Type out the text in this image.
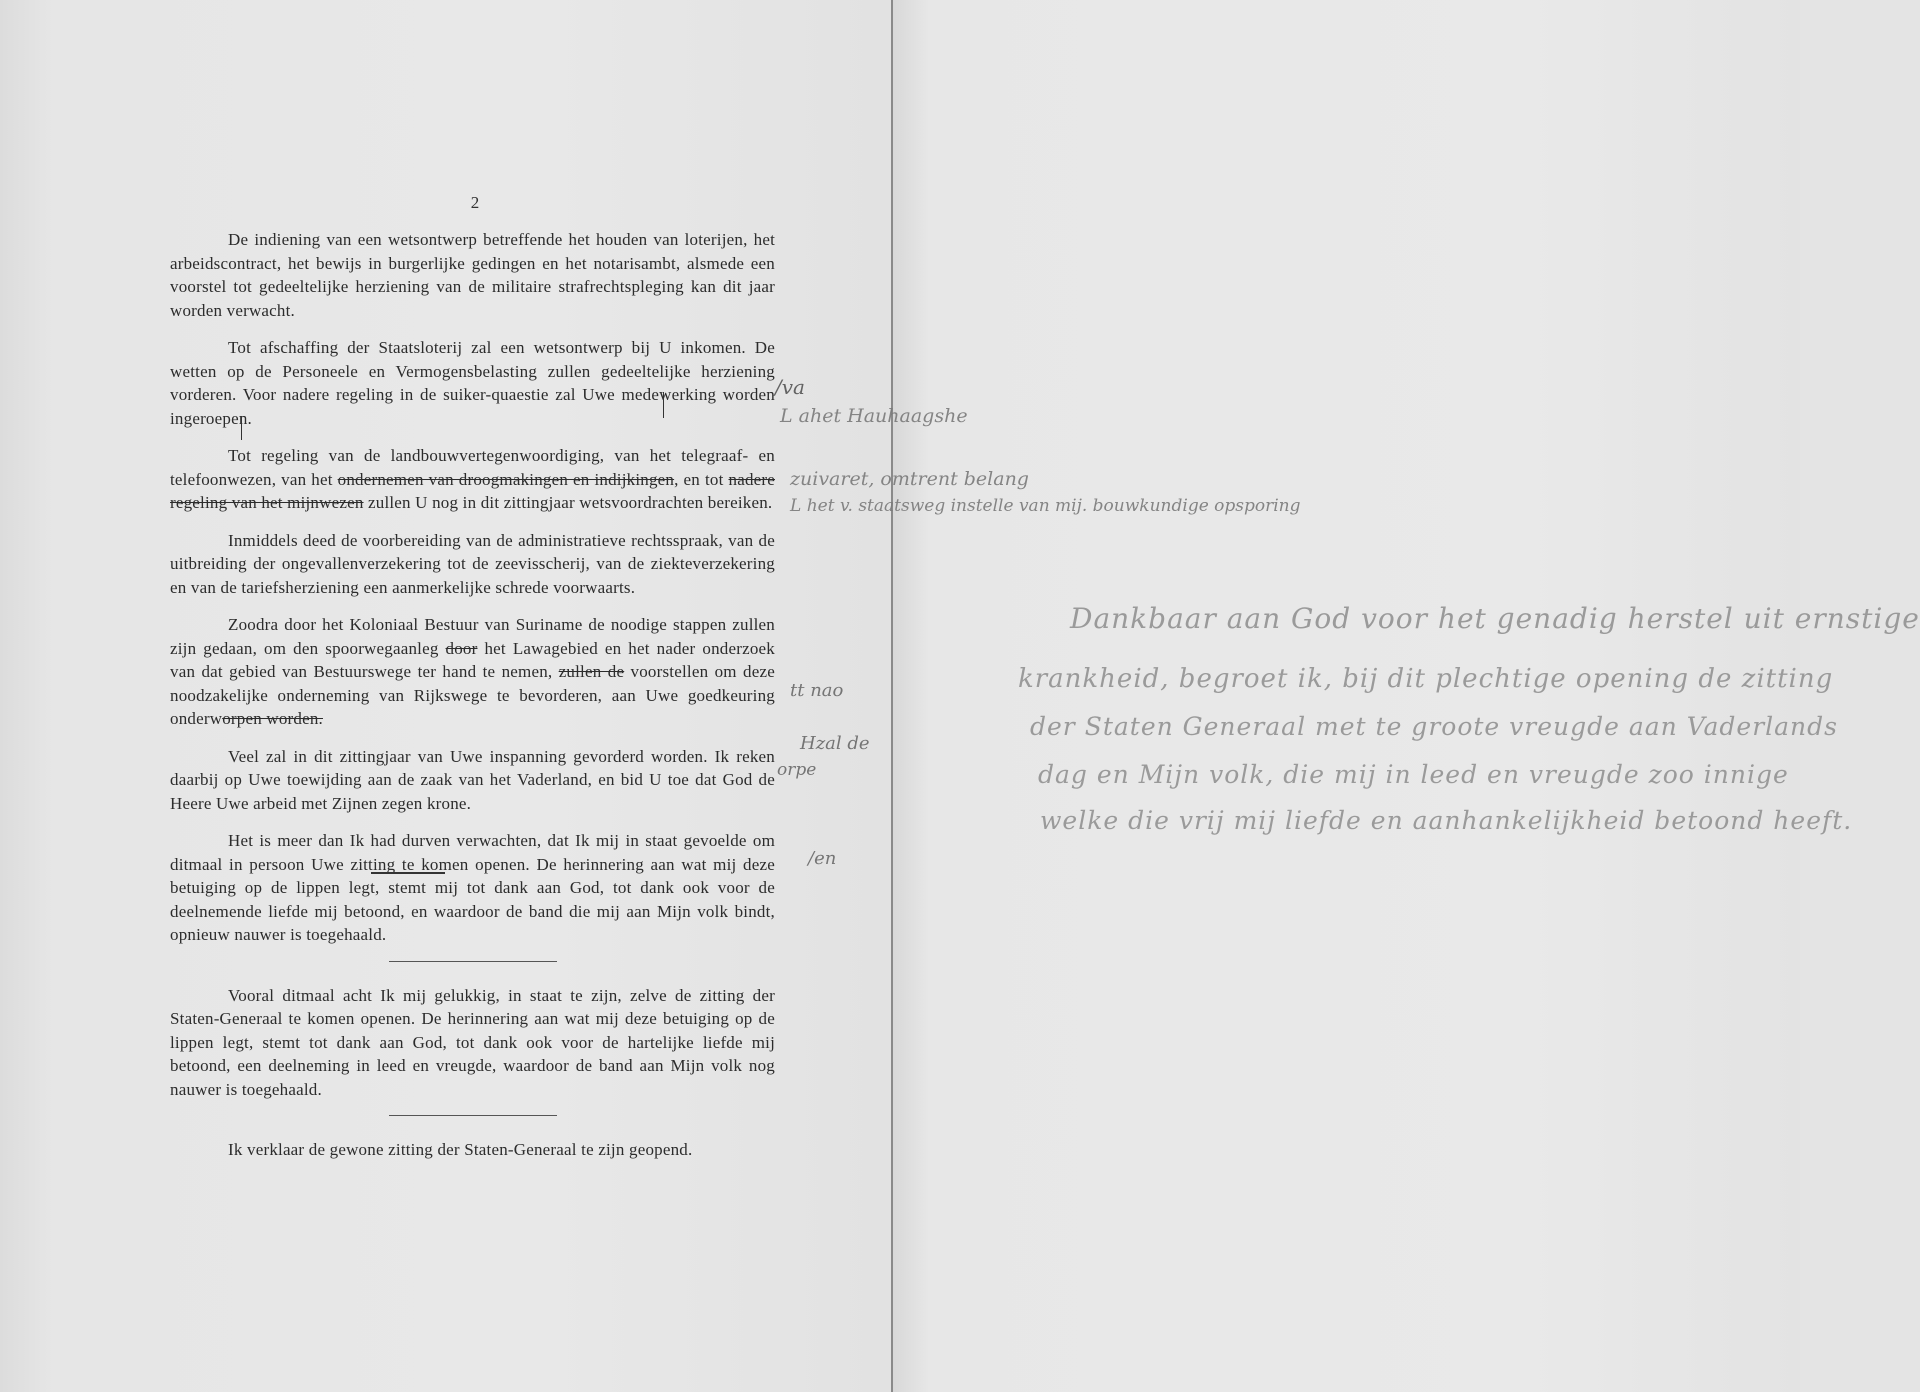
2

De indiening van een wetsontwerp betreffende het houden van loterijen, het arbeidscontract, het bewijs in burgerlijke gedingen en het notarisambt, alsmede een voorstel tot gedeeltelijke herziening van de militaire strafrechtspleging kan dit jaar worden verwacht.

Tot afschaffing der Staatsloterij zal een wetsontwerp bij U inkomen. De wetten op de Personeele en Vermogensbelasting zullen gedeeltelijke herziening vorderen. Voor nadere regeling in de suiker-quaestie zal Uwe medewerking worden ingeroepen.

Tot regeling van de landbouwvertegenwoordiging, van het telegraaf- en telefoonwezen, van het ondernemen van droogmakingen en indijkingen, en tot nadere regeling van het mijnwezen zullen U nog in dit zittingjaar wetsvoordrachten bereiken.

Inmiddels deed de voorbereiding van de administratieve rechtsspraak, van de uitbreiding der ongevallenverzekering tot de zeevisscherij, van de ziekteverzekering en van de tariefsherziening een aanmerkelijke schrede voorwaarts.

Zoodra door het Koloniaal Bestuur van Suriname de noodige stappen zullen zijn gedaan, om den spoorwegaanleg door het Lawagebied en het nader onderzoek van dat gebied van Bestuurswege ter hand te nemen, zullen de voorstellen om deze noodzakelijke onderneming van Rijkswege te bevorderen, aan Uwe goedkeuring onderworpen worden.

Veel zal in dit zittingjaar van Uwe inspanning gevorderd worden. Ik reken daarbij op Uwe toewijding aan de zaak van het Vaderland, en bid U toe dat God de Heere Uwe arbeid met Zijnen zegen krone.

Het is meer dan Ik had durven verwachten, dat Ik mij in staat gevoelde om ditmaal in persoon Uwe zitting te komen openen. De herinnering aan wat mij deze betuiging op de lippen legt, stemt mij tot dank aan God, tot dank ook voor de deelnemende liefde mij betoond, en waardoor de band die mij aan Mijn volk bindt, opnieuw nauwer is toegehaald.

Vooral ditmaal acht Ik mij gelukkig, in staat te zijn, zelve de zitting der Staten-Generaal te komen openen. De herinnering aan wat mij deze betuiging op de lippen legt, stemt tot dank aan God, tot dank ook voor de hartelijke liefde mij betoond, een deelneming in leed en vreugde, waardoor de band aan Mijn volk nog nauwer is toegehaald.

Ik verklaar de gewone zitting der Staten-Generaal te zijn geopend.

/va
L ahet Hauhaagshe
zuivaret, omtrent belang
L het v. staatsweg instelle van mij. bouwkundige opsporing
tt nao
Hzal de
orpe
/en
Dankbaar aan God voor het genadig herstel uit ernstige
krankheid, begroet ik, bij dit plechtige opening de zitting
der Staten Generaal met te groote vreugde aan Vaderlands
dag en Mijn volk, die mij in leed en vreugde zoo innige
welke die vrij mij liefde en aanhankelijkheid betoond heeft.
